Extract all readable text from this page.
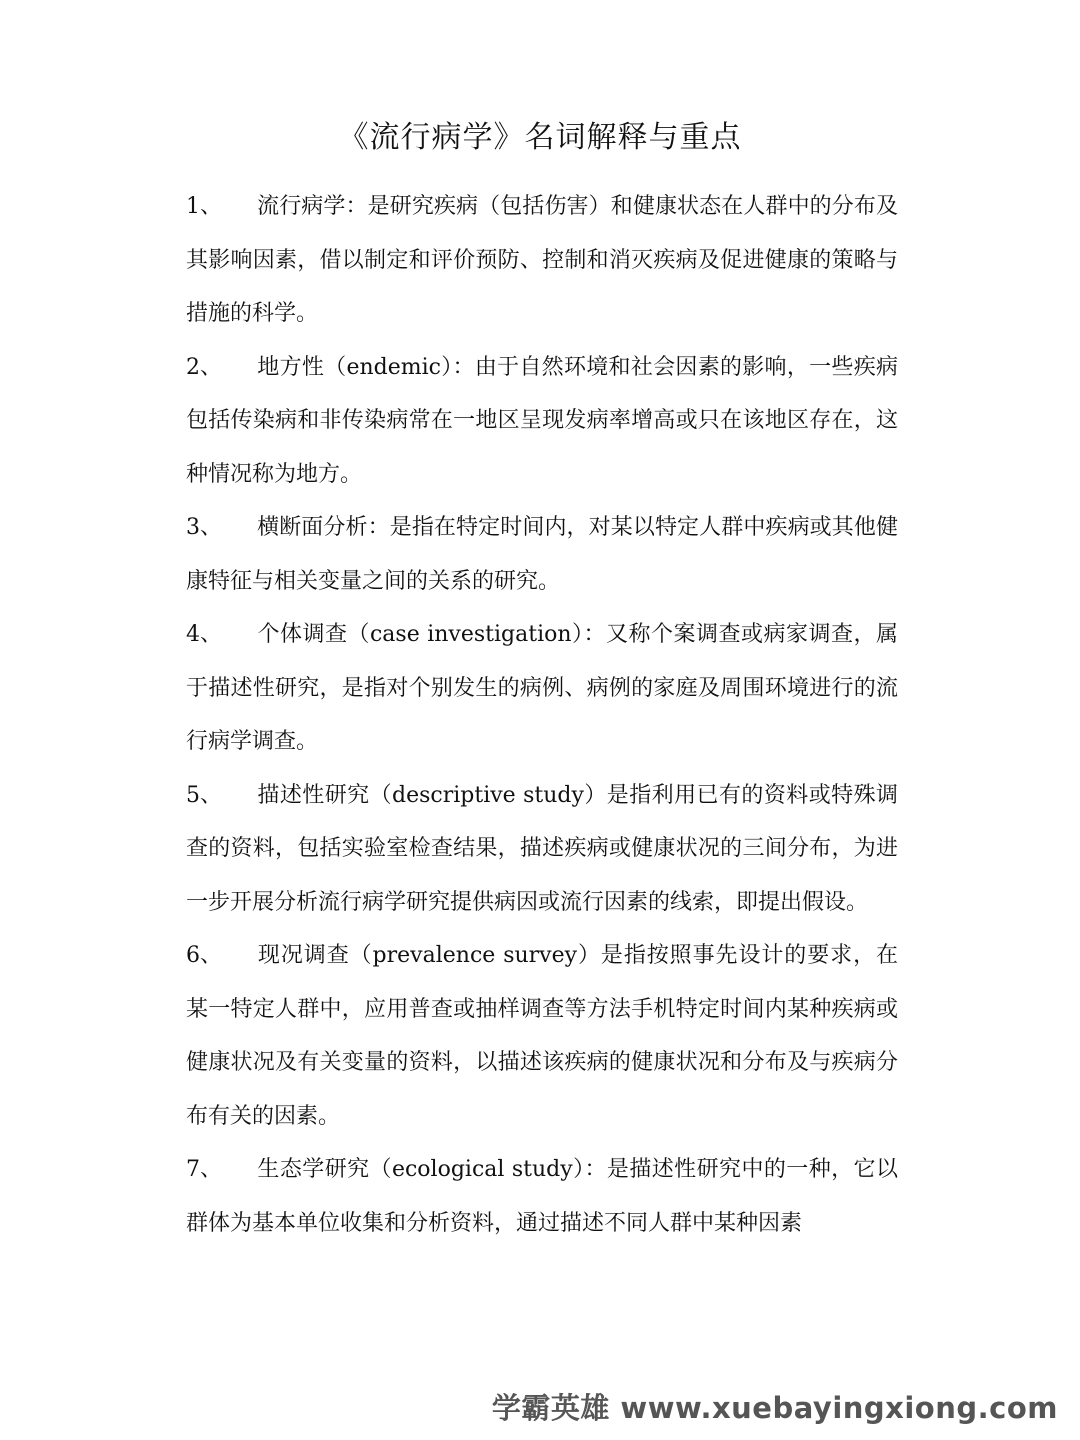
《流行病学》名词解释与重点

1、 流行病学：是研究疾病（包括伤害）和健康状态在人群中的分布及其影响因素，借以制定和评价预防、控制和消灭疾病及促进健康的策略与措施的科学。

2、 地方性（endemic）：由于自然环境和社会因素的影响，一些疾病包括传染病和非传染病常在一地区呈现发病率增高或只在该地区存在，这种情况称为地方。

3、 横断面分析：是指在特定时间内，对某以特定人群中疾病或其他健康特征与相关变量之间的关系的研究。

4、 个体调查（case investigation）：又称个案调查或病家调查，属于描述性研究，是指对个别发生的病例、病例的家庭及周围环境进行的流行病学调查。

5、 描述性研究（descriptive study）是指利用已有的资料或特殊调查的资料，包括实验室检查结果，描述疾病或健康状况的三间分布，为进一步开展分析流行病学研究提供病因或流行因素的线索，即提出假设。

6、 现况调查（prevalence survey）是指按照事先设计的要求，在某一特定人群中，应用普查或抽样调查等方法手机特定时间内某种疾病或健康状况及有关变量的资料，以描述该疾病的健康状况和分布及与疾病分布有关的因素。

7、 生态学研究（ecological study）：是描述性研究中的一种，它以群体为基本单位收集和分析资料，通过描述不同人群中某种因素

学霸英雄 www.xuebayingxiong.com
